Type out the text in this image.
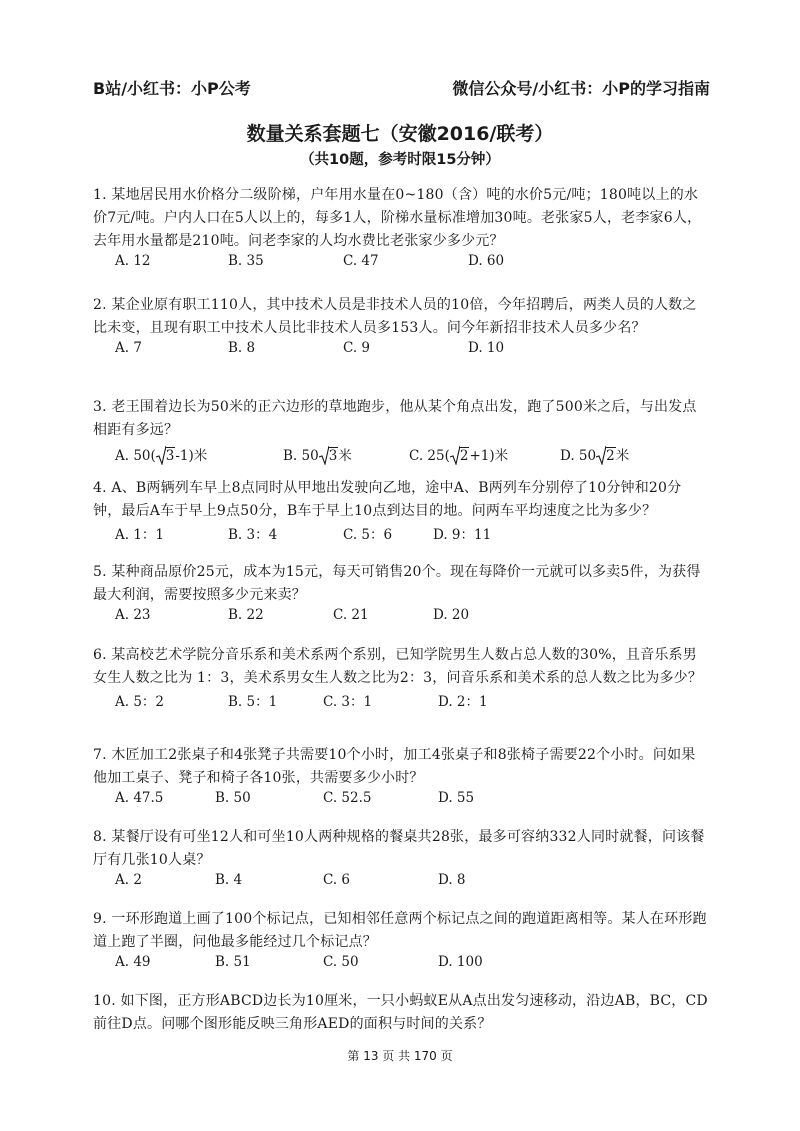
B站/小红书：小P公考	微信公众号/小红书：小P的学习指南
数量关系套题七（安徽2016/联考）
（共10题，参考时限15分钟）
1. 某地居民用水价格分二级阶梯，户年用水量在0~180（含）吨的水价5元/吨；180吨以上的水价7元/吨。户内人口在5人以上的，每多1人，阶梯水量标准增加30吨。老张家5人，老李家6人，去年用水量都是210吨。问老李家的人均水费比老张家少多少元？
A. 12	B. 35	C. 47	D. 60
2. 某企业原有职工110人，其中技术人员是非技术人员的10倍，今年招聘后，两类人员的人数之比未变，且现有职工中技术人员比非技术人员多153人。问今年新招非技术人员多少名？
A. 7	B. 8	C. 9	D. 10
3. 老王围着边长为50米的正六边形的草地跑步，他从某个角点出发，跑了500米之后，与出发点相距有多远？
A. 50( 3-1)米	B. 50 3米	C. 25( 2+1)米	D. 50 2米
4. A、B两辆列车早上8点同时从甲地出发驶向乙地，途中A、B两列车分别停了10分钟和20分钟，最后A车于早上9点50分，B车于早上10点到达目的地。问两车平均速度之比为多少？
A. 1：1	B. 3：4	C. 5：6	D. 9：11
5. 某种商品原价25元，成本为15元，每天可销售20个。现在每降价一元就可以多卖5件，为获得最大利润，需要按照多少元来卖？
A. 23	B. 22	C. 21	D. 20
6. 某高校艺术学院分音乐系和美术系两个系别，已知学院男生人数占总人数的30%，且音乐系男女生人数之比为 1：3，美术系男女生人数之比为2：3，问音乐系和美术系的总人数之比为多少？
A. 5：2	B. 5：1	C. 3：1	D. 2：1
7. 木匠加工2张桌子和4张凳子共需要10个小时，加工4张桌子和8张椅子需要22个小时。问如果他加工桌子、凳子和椅子各10张，共需要多少小时？
A. 47.5	B. 50	C. 52.5	D. 55
8. 某餐厅设有可坐12人和可坐10人两种规格的餐桌共28张，最多可容纳332人同时就餐，问该餐厅有几张10人桌？
A. 2	B. 4	C. 6	D. 8
9. 一环形跑道上画了100个标记点，已知相邻任意两个标记点之间的跑道距离相等。某人在环形跑道上跑了半圈，问他最多能经过几个标记点？
A. 49	B. 51	C. 50	D. 100
10. 如下图，正方形ABCD边长为10厘米，一只小蚂蚁E从A点出发匀速移动，沿边AB，BC，CD前往D点。问哪个图形能反映三角形AED的面积与时间的关系？
第 13 页 共 170 页
